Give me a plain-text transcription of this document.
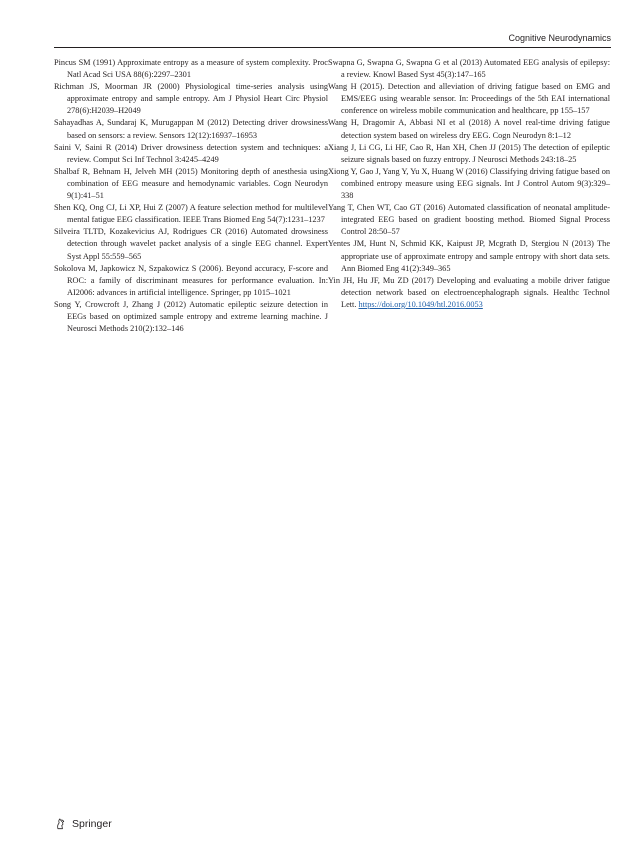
Cognitive Neurodynamics

Pincus SM (1991) Approximate entropy as a measure of system complexity. Proc Natl Acad Sci USA 88(6):2297–2301

Richman JS, Moorman JR (2000) Physiological time-series analysis using approximate entropy and sample entropy. Am J Physiol Heart Circ Physiol 278(6):H2039–H2049

Sahayadhas A, Sundaraj K, Murugappan M (2012) Detecting driver drowsiness based on sensors: a review. Sensors 12(12):16937–16953

Saini V, Saini R (2014) Driver drowsiness detection system and techniques: a review. Comput Sci Inf Technol 3:4245–4249

Shalbaf R, Behnam H, Jelveh MH (2015) Monitoring depth of anesthesia using combination of EEG measure and hemodynamic variables. Cogn Neurodyn 9(1):41–51

Shen KQ, Ong CJ, Li XP, Hui Z (2007) A feature selection method for multilevel mental fatigue EEG classification. IEEE Trans Biomed Eng 54(7):1231–1237

Silveira TLTD, Kozakevicius AJ, Rodrigues CR (2016) Automated drowsiness detection through wavelet packet analysis of a single EEG channel. Expert Syst Appl 55:559–565

Sokolova M, Japkowicz N, Szpakowicz S (2006). Beyond accuracy, F-score and ROC: a family of discriminant measures for performance evaluation. In: AI2006: advances in artificial intelligence. Springer, pp 1015–1021

Song Y, Crowcroft J, Zhang J (2012) Automatic epileptic seizure detection in EEGs based on optimized sample entropy and extreme learning machine. J Neurosci Methods 210(2):132–146

Swapna G, Swapna G, Swapna G et al (2013) Automated EEG analysis of epilepsy: a review. Knowl Based Syst 45(3):147–165

Wang H (2015). Detection and alleviation of driving fatigue based on EMG and EMS/EEG using wearable sensor. In: Proceedings of the 5th EAI international conference on wireless mobile communication and healthcare, pp 155–157

Wang H, Dragomir A, Abbasi NI et al (2018) A novel real-time driving fatigue detection system based on wireless dry EEG. Cogn Neurodyn 8:1–12

Xiang J, Li CG, Li HF, Cao R, Han XH, Chen JJ (2015) The detection of epileptic seizure signals based on fuzzy entropy. J Neurosci Methods 243:18–25

Xiong Y, Gao J, Yang Y, Yu X, Huang W (2016) Classifying driving fatigue based on combined entropy measure using EEG signals. Int J Control Autom 9(3):329–338

Yang T, Chen WT, Cao GT (2016) Automated classification of neonatal amplitude-integrated EEG based on gradient boosting method. Biomed Signal Process Control 28:50–57

Yentes JM, Hunt N, Schmid KK, Kaipust JP, Mcgrath D, Stergiou N (2013) The appropriate use of approximate entropy and sample entropy with short data sets. Ann Biomed Eng 41(2):349–365

Yin JH, Hu JF, Mu ZD (2017) Developing and evaluating a mobile driver fatigue detection network based on electroencephalograph signals. Healthc Technol Lett. https://doi.org/10.1049/htl.2016.0053

Springer
